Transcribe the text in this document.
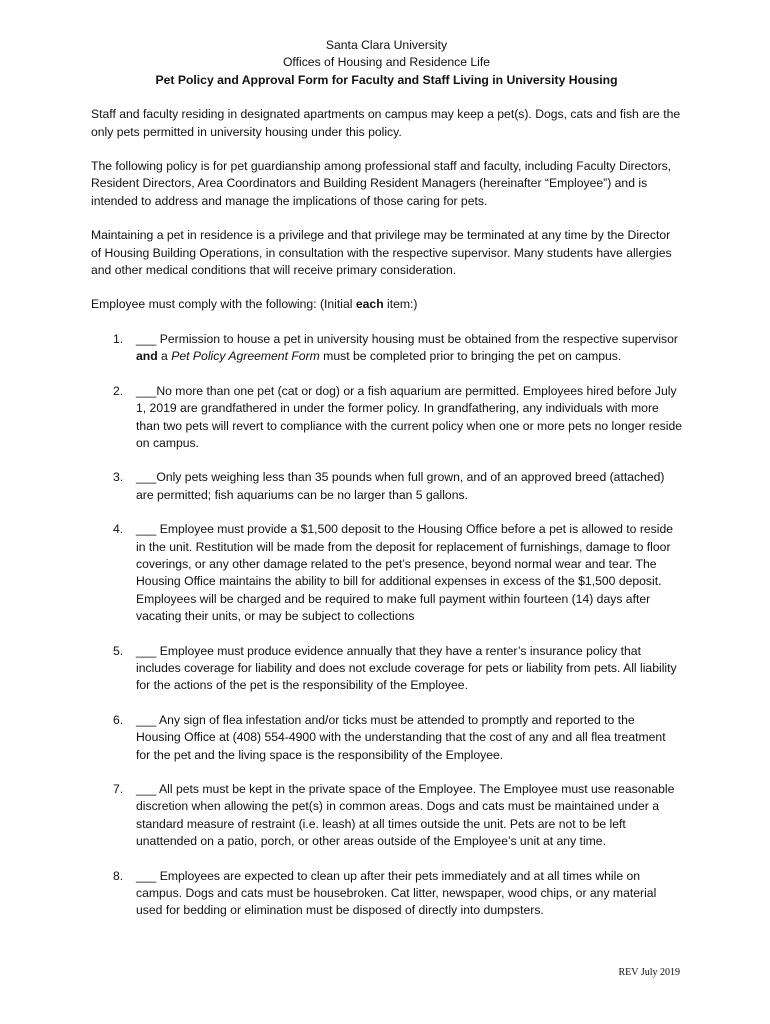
Santa Clara University
Offices of Housing and Residence Life
Pet Policy and Approval Form for Faculty and Staff Living in University Housing

Staff and faculty residing in designated apartments on campus may keep a pet(s). Dogs, cats and fish are the only pets permitted in university housing under this policy.

The following policy is for pet guardianship among professional staff and faculty, including Faculty Directors, Resident Directors, Area Coordinators and Building Resident Managers (hereinafter “Employee”) and is intended to address and manage the implications of those caring for pets.

Maintaining a pet in residence is a privilege and that privilege may be terminated at any time by the Director of Housing Building Operations, in consultation with the respective supervisor. Many students have allergies and other medical conditions that will receive primary consideration.

Employee must comply with the following: (Initial each item:)

1. ___ Permission to house a pet in university housing must be obtained from the respective supervisor and a Pet Policy Agreement Form must be completed prior to bringing the pet on campus.
2. ___No more than one pet (cat or dog) or a fish aquarium are permitted. Employees hired before July 1, 2019 are grandfathered in under the former policy. In grandfathering, any individuals with more than two pets will revert to compliance with the current policy when one or more pets no longer reside on campus.
3. ___Only pets weighing less than 35 pounds when full grown, and of an approved breed (attached) are permitted; fish aquariums can be no larger than 5 gallons.
4. ___ Employee must provide a $1,500 deposit to the Housing Office before a pet is allowed to reside in the unit. Restitution will be made from the deposit for replacement of furnishings, damage to floor coverings, or any other damage related to the pet’s presence, beyond normal wear and tear. The Housing Office maintains the ability to bill for additional expenses in excess of the $1,500 deposit. Employees will be charged and be required to make full payment within fourteen (14) days after vacating their units, or may be subject to collections
5. ___ Employee must produce evidence annually that they have a renter’s insurance policy that includes coverage for liability and does not exclude coverage for pets or liability from pets. All liability for the actions of the pet is the responsibility of the Employee.
6. ___ Any sign of flea infestation and/or ticks must be attended to promptly and reported to the Housing Office at (408) 554-4900 with the understanding that the cost of any and all flea treatment for the pet and the living space is the responsibility of the Employee.
7. ___ All pets must be kept in the private space of the Employee. The Employee must use reasonable discretion when allowing the pet(s) in common areas. Dogs and cats must be maintained under a standard measure of restraint (i.e. leash) at all times outside the unit. Pets are not to be left unattended on a patio, porch, or other areas outside of the Employee’s unit at any time.
8. ___ Employees are expected to clean up after their pets immediately and at all times while on campus. Dogs and cats must be housebroken. Cat litter, newspaper, wood chips, or any material used for bedding or elimination must be disposed of directly into dumpsters.
REV July 2019
